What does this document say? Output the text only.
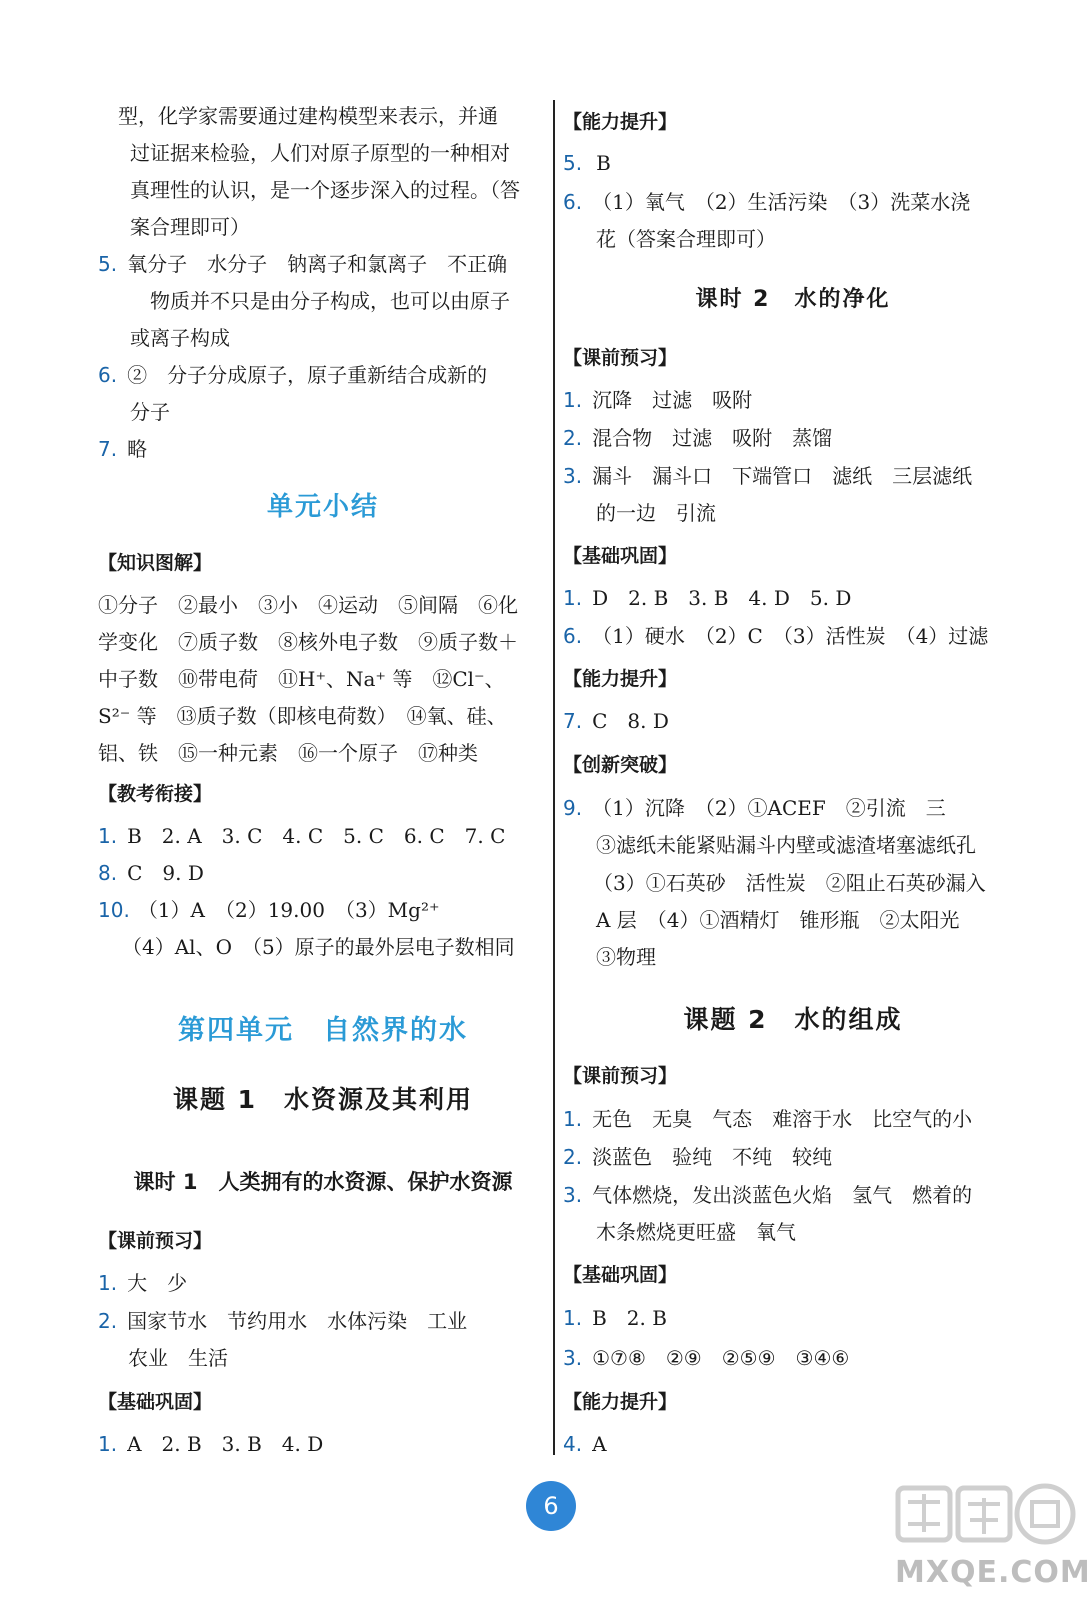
　型，化学家需要通过建构模型来表示，并通
过证据来检验，人们对原子原型的一种相对
真理性的认识，是一个逐步深入的过程。（答
案合理即可）
5. 氧分子　水分子　钠离子和氯离子　不正确
　物质并不只是由分子构成，也可以由原子
或离子构成
6. ②　分子分成原子，原子重新结合成新的
分子
7. 略
单元小结
【知识图解】
①分子　②最小　③小　④运动　⑤间隔　⑥化
学变化　⑦质子数　⑧核外电子数　⑨质子数＋
中子数　⑩带电荷　⑪H⁺、Na⁺ 等　⑫Cl⁻、
S²⁻ 等　⑬质子数（即核电荷数）　⑭氧、硅、
铝、铁　⑮一种元素　⑯一个原子　⑰种类
【教考衔接】
1. B　2. A　3. C　4. C　5. C　6. C　7. C
8. C　9. D
10. （1）A　（2）19.00　（3）Mg²⁺
　（4）Al、O　（5）原子的最外层电子数相同
第四单元　自然界的水
课题 1　水资源及其利用
课时 1　人类拥有的水资源、保护水资源
【课前预习】
1. 大　少
2. 国家节水　节约用水　水体污染　工业
农业　生活
【基础巩固】
1. A　2. B　3. B　4. D
【能力提升】
5. B
6. （1）氧气　（2）生活污染　（3）洗菜水浇
花（答案合理即可）
课时 2　水的净化
【课前预习】
1. 沉降　过滤　吸附
2. 混合物　过滤　吸附　蒸馏
3. 漏斗　漏斗口　下端管口　滤纸　三层滤纸
的一边　引流
【基础巩固】
1. D　2. B　3. B　4. D　5. D
6. （1）硬水　（2）C　（3）活性炭　（4）过滤
【能力提升】
7. C　8. D
【创新突破】
9. （1）沉降　（2）①ACEF　②引流　三
③滤纸未能紧贴漏斗内壁或滤渣堵塞滤纸孔
（3）①石英砂　活性炭　②阻止石英砂漏入
A 层　（4）①酒精灯　锥形瓶　②太阳光
③物理
课题 2　水的组成
【课前预习】
1. 无色　无臭　气态　难溶于水　比空气的小
2. 淡蓝色　验纯　不纯　较纯
3. 气体燃烧，发出淡蓝色火焰　氢气　燃着的
木条燃烧更旺盛　氧气
【基础巩固】
1. B　2. B
3. ①⑦⑧　②⑨　②⑤⑨　③④⑥
【能力提升】
4. A
6
MXQE.COM
